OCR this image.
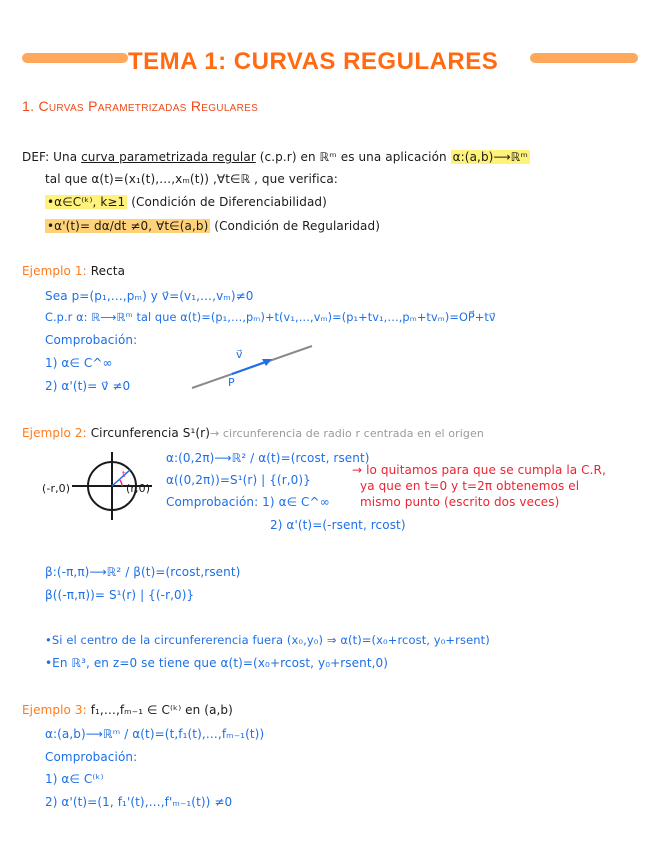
TEMA 1: CURVAS REGULARES
1. Curvas Parametrizadas Regulares
DEF: Una curva parametrizada regular (c.p.r) en ℝᵐ es una aplicación α:(a,b)⟶ℝᵐ
tal que α(t)=(x₁(t),…,xₘ(t)) ,∀t∈ℝ , que verifica:
•α∈C⁽ᵏ⁾, k≥1 (Condición de Diferenciabilidad)
•α'(t)= dα/dt ≠0, ∀t∈(a,b) (Condición de Regularidad)
Ejemplo 1: Recta
Sea p=(p₁,…,pₘ) y v⃗=(v₁,…,vₘ)≠0
C.p.r α: ℝ⟶ℝᵐ tal que α(t)=(p₁,…,pₘ)+t(v₁,…,vₘ)=(p₁+tv₁,…,pₘ+tvₘ)=OP⃗+tv⃗
Comprobación:
1) α∈ C^∞
2) α'(t)= v⃗ ≠0
v⃗
P
Ejemplo 2: Circunferencia S¹(r)→ circunferencia de radio r centrada en el origen
(-r,0)	(r,0)
t
α:(0,2π)⟶ℝ² / α(t)=(rcost, rsent)
α((0,2π))=S¹(r) | {(r,0)}
→ lo quitamos para que se cumpla la C.R,
ya que en t=0 y t=2π obtenemos el
mismo punto (escrito dos veces)
Comprobación: 1) α∈ C^∞
2) α'(t)=(-rsent, rcost)
β:(-π,π)⟶ℝ² / β(t)=(rcost,rsent)
β((-π,π))= S¹(r) | {(-r,0)}
•Si el centro de la circunfererencia fuera (x₀,y₀) ⇒ α(t)=(x₀+rcost, y₀+rsent)
•En ℝ³, en z=0 se tiene que α(t)=(x₀+rcost, y₀+rsent,0)
Ejemplo 3: f₁,…,fₘ₋₁ ∈ C⁽ᵏ⁾ en (a,b)
α:(a,b)⟶ℝᵐ / α(t)=(t,f₁(t),…,fₘ₋₁(t))
Comprobación:
1) α∈ C⁽ᵏ⁾
2) α'(t)=(1, f₁'(t),…,f'ₘ₋₁(t)) ≠0
